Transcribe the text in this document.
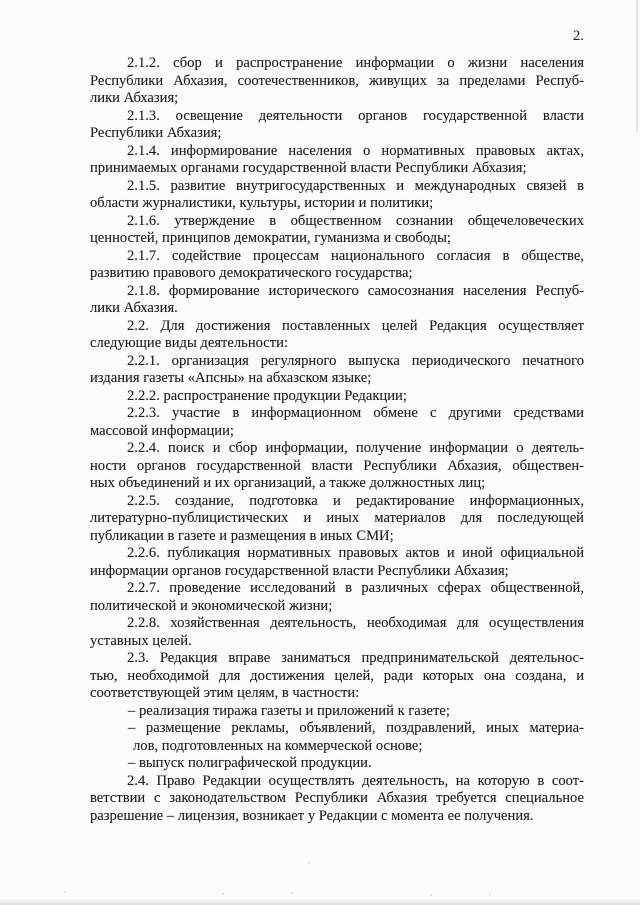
2.
2.1.2. сбор и распространение информации о жизни населения
Республики Абхазия, соотечественников, живущих за пределами Респуб-
лики Абхазия;
2.1.3. освещение деятельности органов государственной власти
Республики Абхазия;
2.1.4. информирование населения о нормативных правовых актах,
принимаемых органами государственной власти Республики Абхазия;
2.1.5. развитие внутригосударственных и международных связей в
области журналистики, культуры, истории и политики;
2.1.6. утверждение в общественном сознании общечеловеческих
ценностей, принципов демократии, гуманизма и свободы;
2.1.7. содействие процессам национального согласия в обществе,
развитию правового демократического государства;
2.1.8. формирование исторического самосознания населения Респуб-
лики Абхазия.
2.2. Для достижения поставленных целей Редакция осуществляет
следующие виды деятельности:
2.2.1. организация регулярного выпуска периодического печатного
издания газеты «Апсны» на абхазском языке;
2.2.2. распространение продукции Редакции;
2.2.3. участие в информационном обмене с другими средствами
массовой информации;
2.2.4. поиск и сбор информации, получение информации о деятель-
ности органов государственной власти Республики Абхазия, обществен-
ных объединений и их организаций, а также должностных лиц;
2.2.5. создание, подготовка и редактирование информационных,
литературно-публицистических и иных материалов для последующей
публикации в газете и размещения в иных СМИ;
2.2.6. публикация нормативных правовых актов и иной официальной
информации органов государственной власти Республики Абхазия;
2.2.7. проведение исследований в различных сферах общественной,
политической и экономической жизни;
2.2.8. хозяйственная деятельность, необходимая для осуществления
уставных целей.
2.3. Редакция вправе заниматься предпринимательской деятельнос-
тью, необходимой для достижения целей, ради которых она создана, и
соответствующей этим целям, в частности:
– реализация тиража газеты и приложений к газете;
– размещение рекламы, объявлений, поздравлений, иных материа-
лов, подготовленных на коммерческой основе;
– выпуск полиграфической продукции.
2.4. Право Редакции осуществлять деятельность, на которую в соот-
ветствии с законодательством Республики Абхазия требуется специальное
разрешение – лицензия, возникает у Редакции с момента ее получения.
